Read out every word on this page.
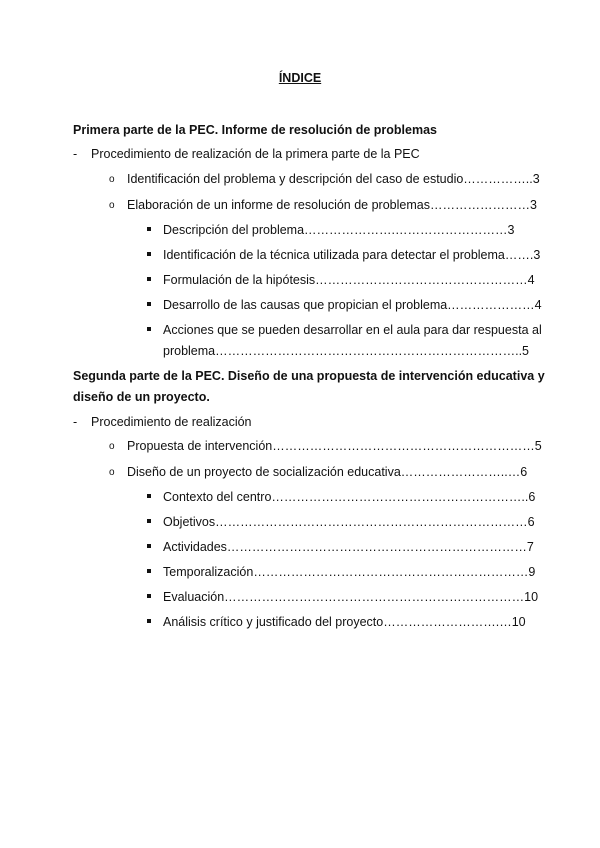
ÍNDICE
Primera parte de la PEC. Informe de resolución de problemas
- Procedimiento de realización de la primera parte de la PEC
o Identificación del problema y descripción del caso de estudio……………..3
o Elaboración de un informe de resolución de problemas……………………3
Descripción del problema………………….………………………3
Identificación de la técnica utilizada para detectar el problema…….3
Formulación de la hipótesis……………………………………………4
Desarrollo de las causas que propician el problema…………………4
Acciones que se pueden desarrollar en el aula para dar respuesta al
problema………………………………………………………………..5
Segunda parte de la PEC. Diseño de una propuesta de intervención educativa y
diseño de un proyecto.
- Procedimiento de realización
o Propuesta de intervención………………………………………………………5
o Diseño de un proyecto de socialización educativa……………………..…6
Contexto del centro……………………………………………………..6
Objetivos…………………………………………………………………6
Actividades………………………………………………………………7
Temporalización…………………………………………………………9
Evaluación………………………………………………………………10
Análisis crítico y justificado del proyecto……………………….…10
